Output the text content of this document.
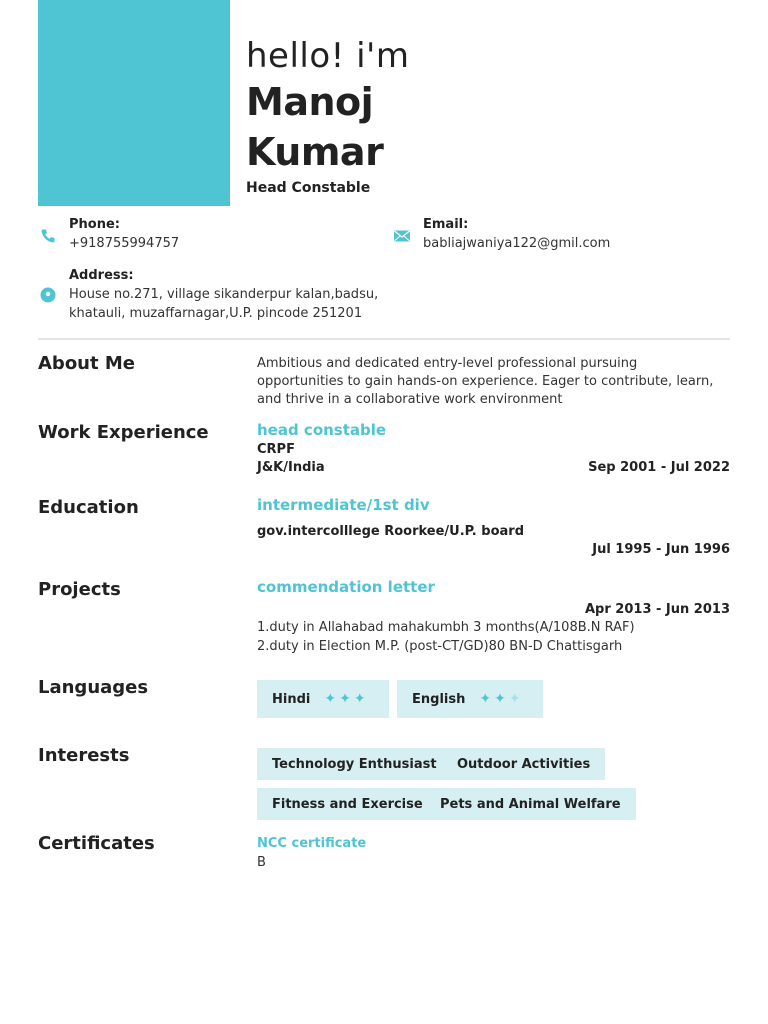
hello! i'm
Manoj
Kumar
Head Constable
Phone:
+918755994757
Email:
babliajwaniya122@gmil.com
Address:
House no.271, village sikanderpur kalan,badsu,
khatauli, muzaffarnagar,U.P. pincode 251201
About Me	Ambitious and dedicated entry-level professional pursuing
opportunities to gain hands-on experience. Eager to contribute, learn,
and thrive in a collaborative work environment
Work Experience	head constable
CRPF
J&K/India	Sep 2001 - Jul 2022
Education	intermediate/1st div
gov.intercolllege Roorkee/U.P. board
Jul 1995 - Jun 1996
Projects	commendation letter
Apr 2013 - Jun 2013
1.duty in Allahabad mahakumbh 3 months(A/108B.N RAF)
2.duty in Election M.P. (post-CT/GD)80 BN-D Chattisgarh
Languages
Hindi ✦✦✦	English ✦✦✦
Interests	Technology Enthusiast	Outdoor Activities
Fitness and Exercise	Pets and Animal Welfare
Certificates	NCC certificate
B
